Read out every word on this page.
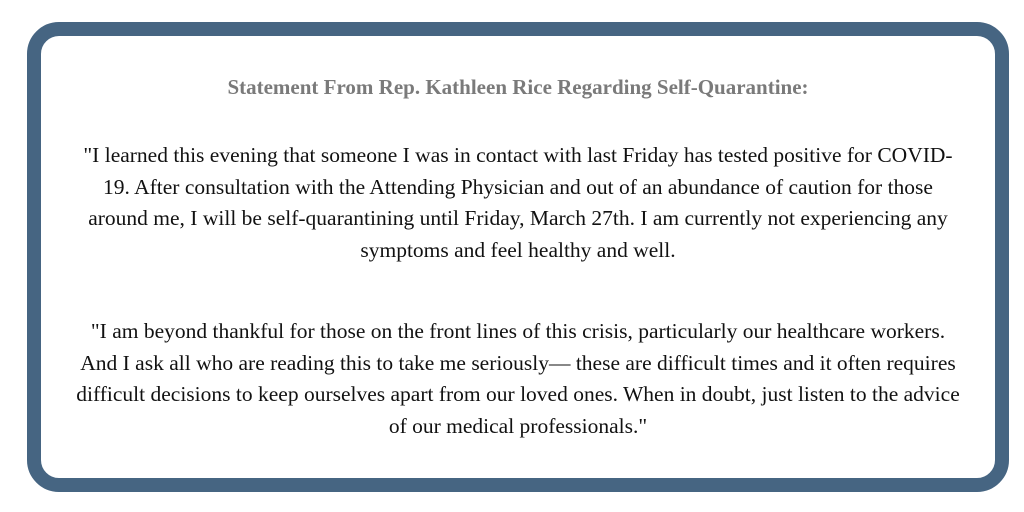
Statement From Rep. Kathleen Rice Regarding Self-Quarantine:
"I learned this evening that someone I was in contact with last Friday has tested positive for COVID-19. After consultation with the Attending Physician and out of an abundance of caution for those around me, I will be self-quarantining until Friday, March 27th. I am currently not experiencing any symptoms and feel healthy and well.
"I am beyond thankful for those on the front lines of this crisis, particularly our healthcare workers. And I ask all who are reading this to take me seriously— these are difficult times and it often requires difficult decisions to keep ourselves apart from our loved ones. When in doubt, just listen to the advice of our medical professionals."
